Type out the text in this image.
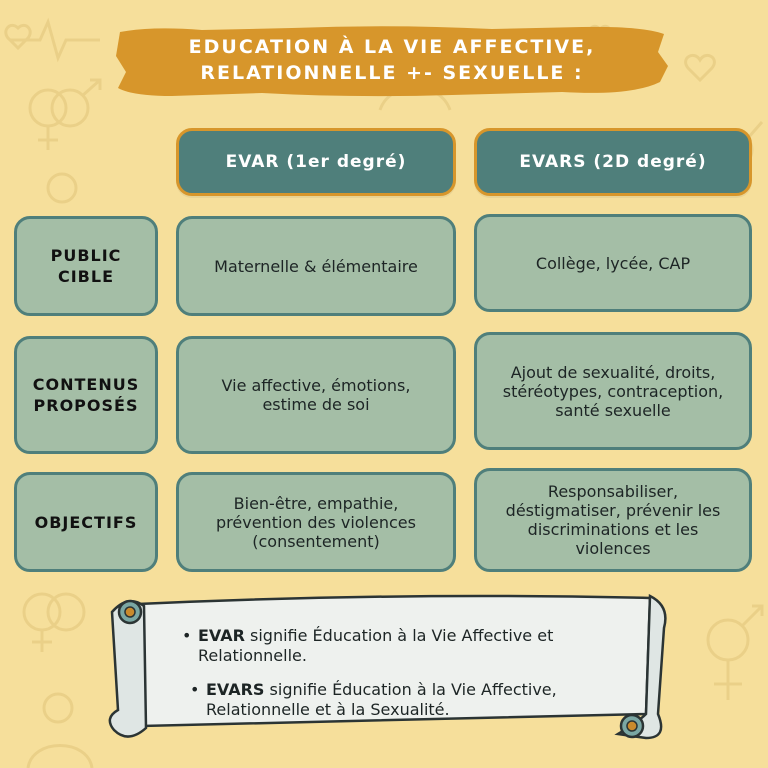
EDUCATION À LA VIE AFFECTIVE,
RELATIONNELLE +- SEXUELLE :
EVAR (1er degré)	EVARS (2D degré)
PUBLIC CIBLE
Maternelle & élémentaire	Collège, lycée, CAP
CONTENUS PROPOSÉS
Vie affective, émotions, estime de soi
Ajout de sexualité, droits, stéréotypes, contraception, santé sexuelle
OBJECTIFS
Bien-être, empathie, prévention des violences (consentement)
Responsabiliser, déstigmatiser, prévenir les discriminations et les violences
• EVAR signifie Éducation à la Vie Affective et Relationnelle.
• EVARS signifie Éducation à la Vie Affective, Relationnelle et à la Sexualité.
